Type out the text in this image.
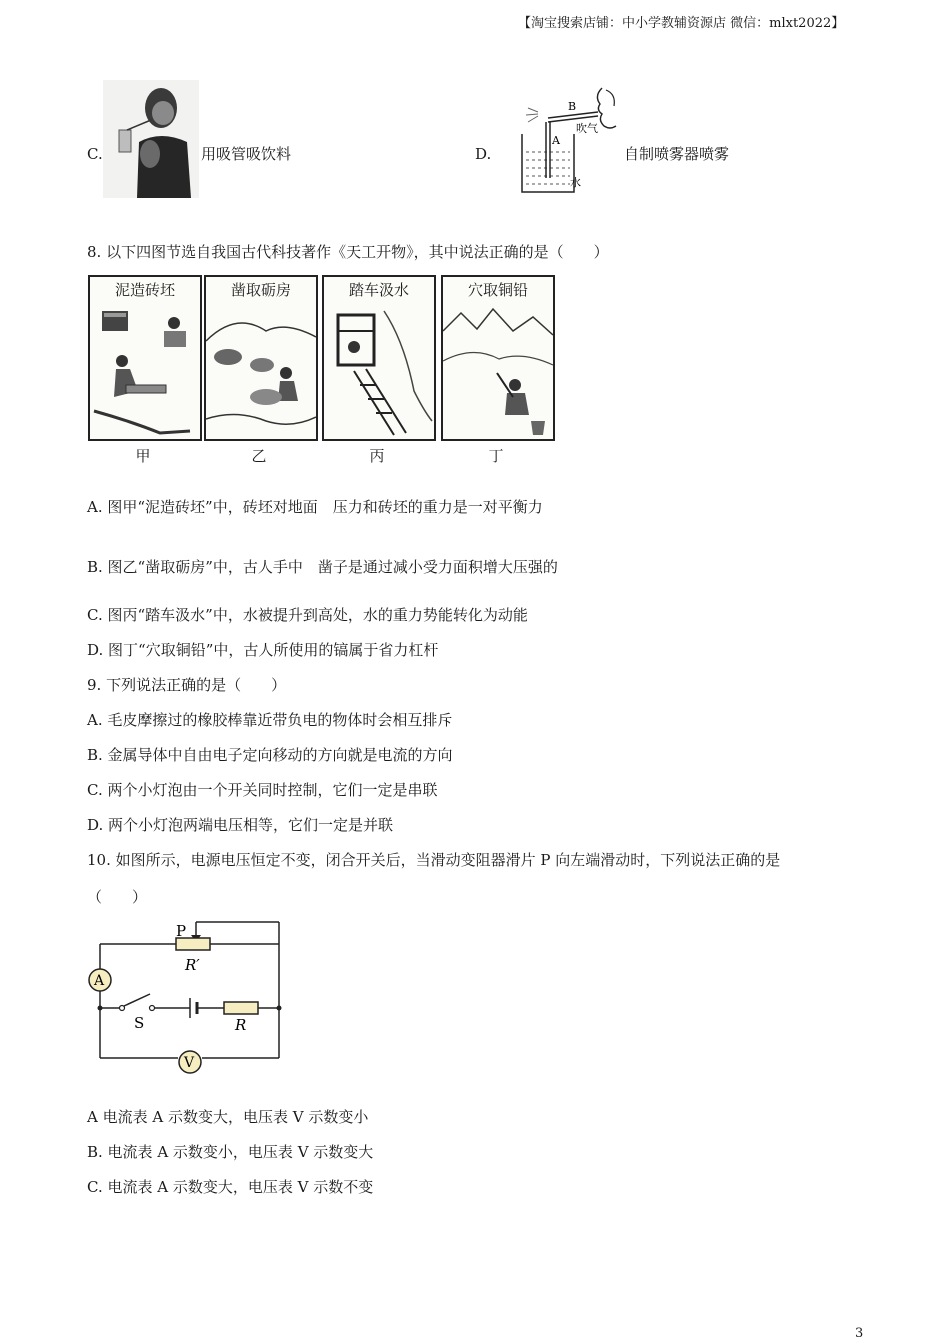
【淘宝搜索店铺：中小学教辅资源店 微信：mlxt2022】
C.	用吸管吸饮料	D.
B
A
吹气
水
自制喷雾器喷雾
8. 以下四图节选自我国古代科技著作《天工开物》，其中说法正确的是（　　）
泥造砖坯	凿取砺房	踏车汲水	穴取铜铅
甲	乙	丙	丁
A. 图甲“泥造砖坯”中，砖坯对地面　压力和砖坯的重力是一对平衡力
B. 图乙“凿取砺房”中，古人手中　凿子是通过减小受力面积增大压强的
C. 图丙“踏车汲水”中，水被提升到高处，水的重力势能转化为动能
D. 图丁“穴取铜铅”中，古人所使用的镐属于省力杠杆
9. 下列说法正确的是（　　）
A. 毛皮摩擦过的橡胶棒靠近带负电的物体时会相互排斥
B. 金属导体中自由电子定向移动的方向就是电流的方向
C. 两个小灯泡由一个开关同时控制，它们一定是串联
D. 两个小灯泡两端电压相等，它们一定是并联
10. 如图所示，电源电压恒定不变，闭合开关后，当滑动变阻器滑片 P 向左端滑动时，下列说法正确的是
（　　）
P
R′
A
S	R
V
A 电流表 A 示数变大，电压表 V 示数变小
B. 电流表 A 示数变小，电压表 V 示数变大
C. 电流表 A 示数变大，电压表 V 示数不变
3
